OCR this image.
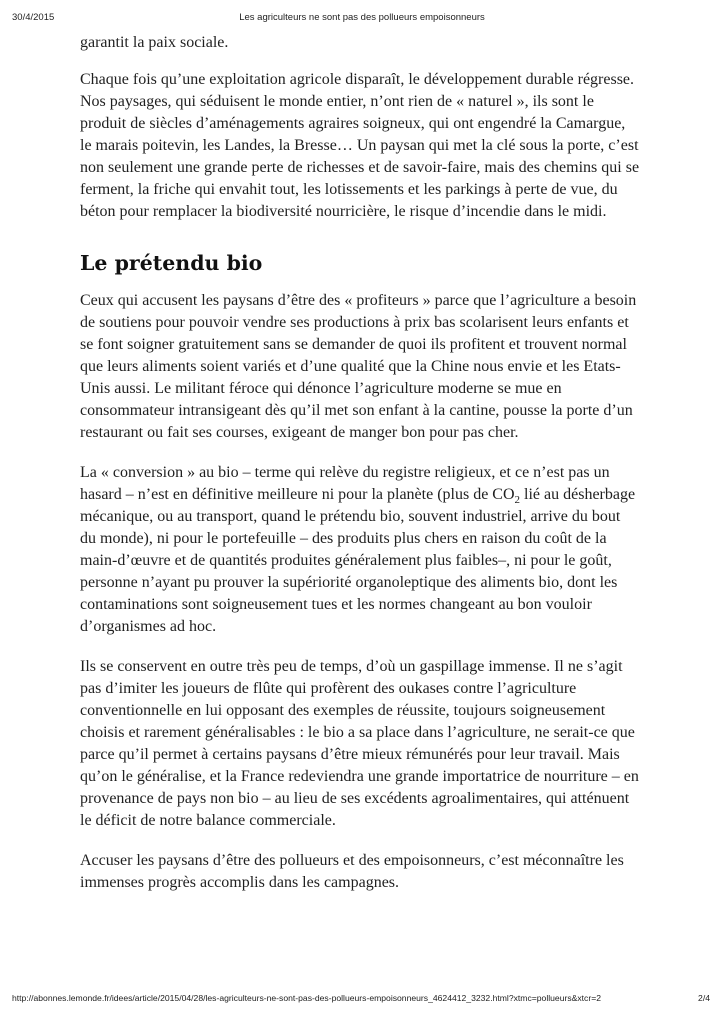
30/4/2015	Les agriculteurs ne sont pas des pollueurs empoisonneurs

garantit la paix sociale.

Chaque fois qu’une exploitation agricole disparaît, le développement durable régresse. Nos paysages, qui séduisent le monde entier, n’ont rien de « naturel », ils sont le produit de siècles d’aménagements agraires soigneux, qui ont engendré la Camargue, le marais poitevin, les Landes, la Bresse… Un paysan qui met la clé sous la porte, c’est non seulement une grande perte de richesses et de savoir-faire, mais des chemins qui se ferment, la friche qui envahit tout, les lotissements et les parkings à perte de vue, du béton pour remplacer la biodiversité nourricière, le risque d’incendie dans le midi.

Le prétendu bio

Ceux qui accusent les paysans d’être des « profiteurs » parce que l’agriculture a besoin de soutiens pour pouvoir vendre ses productions à prix bas scolarisent leurs enfants et se font soigner gratuitement sans se demander de quoi ils profitent et trouvent normal que leurs aliments soient variés et d’une qualité que la Chine nous envie et les Etats-Unis aussi. Le militant féroce qui dénonce l’agriculture moderne se mue en consommateur intransigeant dès qu’il met son enfant à la cantine, pousse la porte d’un restaurant ou fait ses courses, exigeant de manger bon pour pas cher.

La « conversion » au bio – terme qui relève du registre religieux, et ce n’est pas un hasard – n’est en définitive meilleure ni pour la planète (plus de $CO_2$ lié au désherbage mécanique, ou au transport, quand le prétendu bio, souvent industriel, arrive du bout du monde), ni pour le portefeuille – des produits plus chers en raison du coût de la main-d’œuvre et de quantités produites généralement plus faibles–, ni pour le goût, personne n’ayant pu prouver la supériorité organoleptique des aliments bio, dont les contaminations sont soigneusement tues et les normes changeant au bon vouloir d’organismes ad hoc.

Ils se conservent en outre très peu de temps, d’où un gaspillage immense. Il ne s’agit pas d’imiter les joueurs de flûte qui profèrent des oukases contre l’agriculture conventionnelle en lui opposant des exemples de réussite, toujours soigneusement choisis et rarement généralisables : le bio a sa place dans l’agriculture, ne serait-ce que parce qu’il permet à certains paysans d’être mieux rémunérés pour leur travail. Mais qu’on le généralise, et la France redeviendra une grande importatrice de nourriture – en provenance de pays non bio – au lieu de ses excédents agroalimentaires, qui atténuent le déficit de notre balance commerciale.

Accuser les paysans d’être des pollueurs et des empoisonneurs, c’est méconnaître les immenses progrès accomplis dans les campagnes.

http://abonnes.lemonde.fr/idees/article/2015/04/28/les-agriculteurs-ne-sont-pas-des-pollueurs-empoisonneurs_4624412_3232.html?xtmc=pollueurs&xtcr=2	2/4
